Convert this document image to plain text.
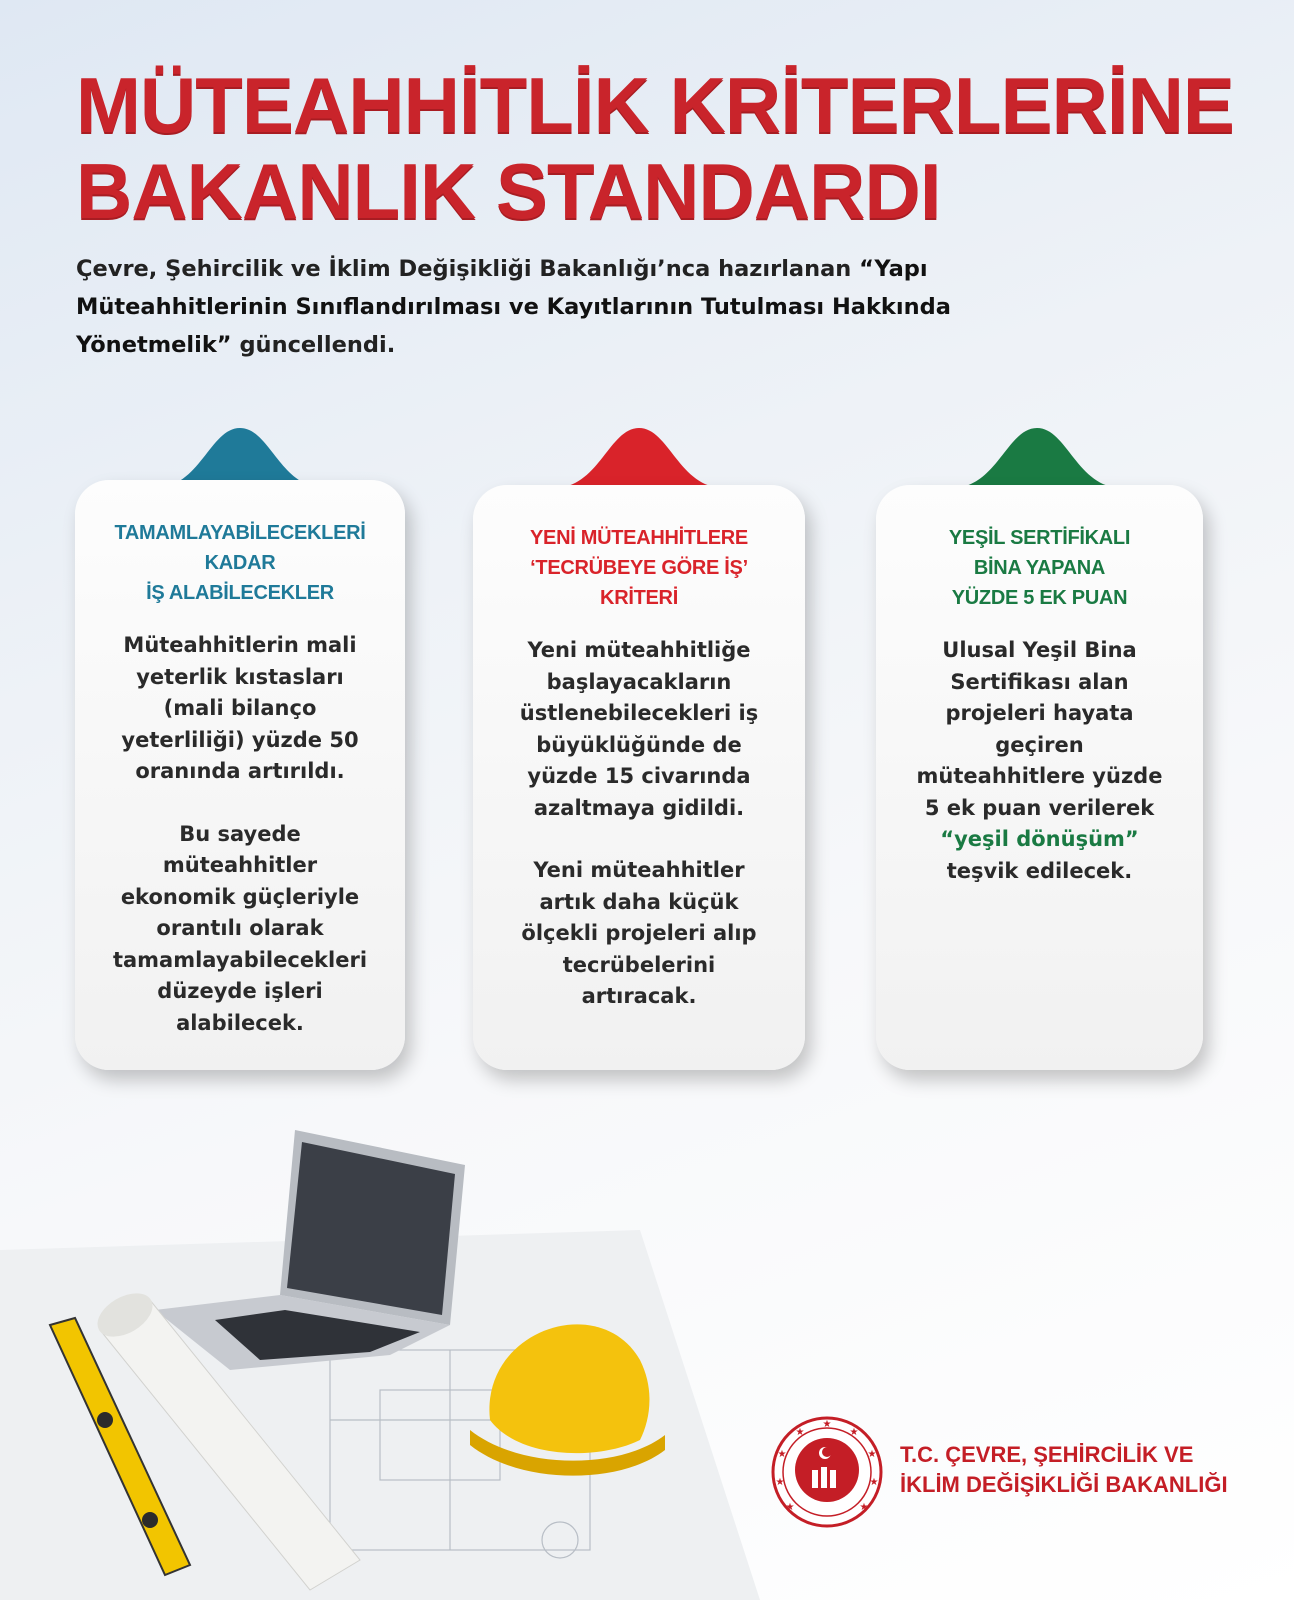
MÜTEAHHİTLİK KRİTERLERİNE
BAKANLIK STANDARDI
Çevre, Şehircilik ve İklim Değişikliği Bakanlığı’nca hazırlanan “Yapı Müteahhitlerinin Sınıflandırılması ve Kayıtlarının Tutulması Hakkında Yönetmelik” güncellendi.
TAMAMLAYABİLECEKLERİ
KADAR
İŞ ALABİLECEKLER
Müteahhitlerin mali
yeterlik kıstasları
(mali bilanço
yeterliliği) yüzde 50
oranında artırıldı.
Bu sayede
müteahhitler
ekonomik güçleriyle
orantılı olarak
tamamlayabilecekleri
düzeyde işleri
alabilecek.
YENİ MÜTEAHHİTLERE
‘TECRÜBEYE GÖRE İŞ’
KRİTERİ
Yeni müteahhitliğe
başlayacakların
üstlenebilecekleri iş
büyüklüğünde de
yüzde 15 civarında
azaltmaya gidildi.
Yeni müteahhitler
artık daha küçük
ölçekli projeleri alıp
tecrübelerini
artıracak.
YEŞİL SERTİFİKALI
BİNA YAPANA
YÜZDE 5 EK PUAN
Ulusal Yeşil Bina
Sertifikası alan
projeleri hayata
geçiren
müteahhitlere yüzde
5 ek puan verilerek
“yeşil dönüşüm”
teşvik edilecek.
★
★	★
★	★
★	★
★	★
T.C. ÇEVRE, ŞEHİRCİLİK VE
İKLİM DEĞİŞİKLİĞİ BAKANLIĞI
